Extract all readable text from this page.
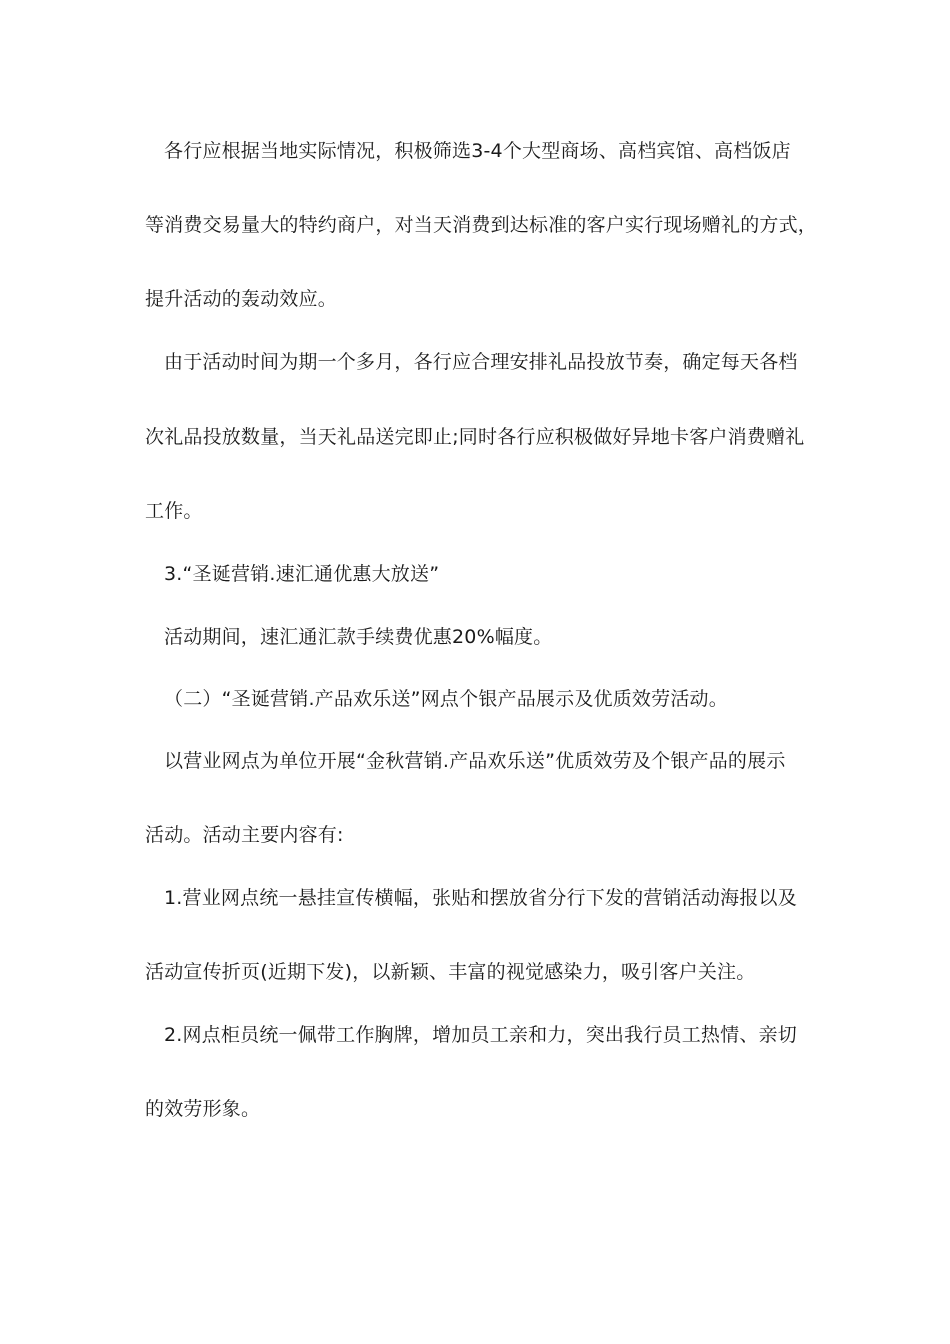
各行应根据当地实际情况，积极筛选3-4个大型商场、高档宾馆、高档饭店
等消费交易量大的特约商户，对当天消费到达标准的客户实行现场赠礼的方式，
提升活动的轰动效应。
由于活动时间为期一个多月，各行应合理安排礼品投放节奏，确定每天各档
次礼品投放数量，当天礼品送完即止;同时各行应积极做好异地卡客户消费赠礼
工作。
3.“圣诞营销.速汇通优惠大放送”
活动期间，速汇通汇款手续费优惠20%幅度。
（二）“圣诞营销.产品欢乐送”网点个银产品展示及优质效劳活动。
以营业网点为单位开展“金秋营销.产品欢乐送”优质效劳及个银产品的展示
活动。活动主要内容有:
1.营业网点统一悬挂宣传横幅，张贴和摆放省分行下发的营销活动海报以及
活动宣传折页(近期下发)，以新颖、丰富的视觉感染力，吸引客户关注。
2.网点柜员统一佩带工作胸牌，增加员工亲和力，突出我行员工热情、亲切
的效劳形象。
